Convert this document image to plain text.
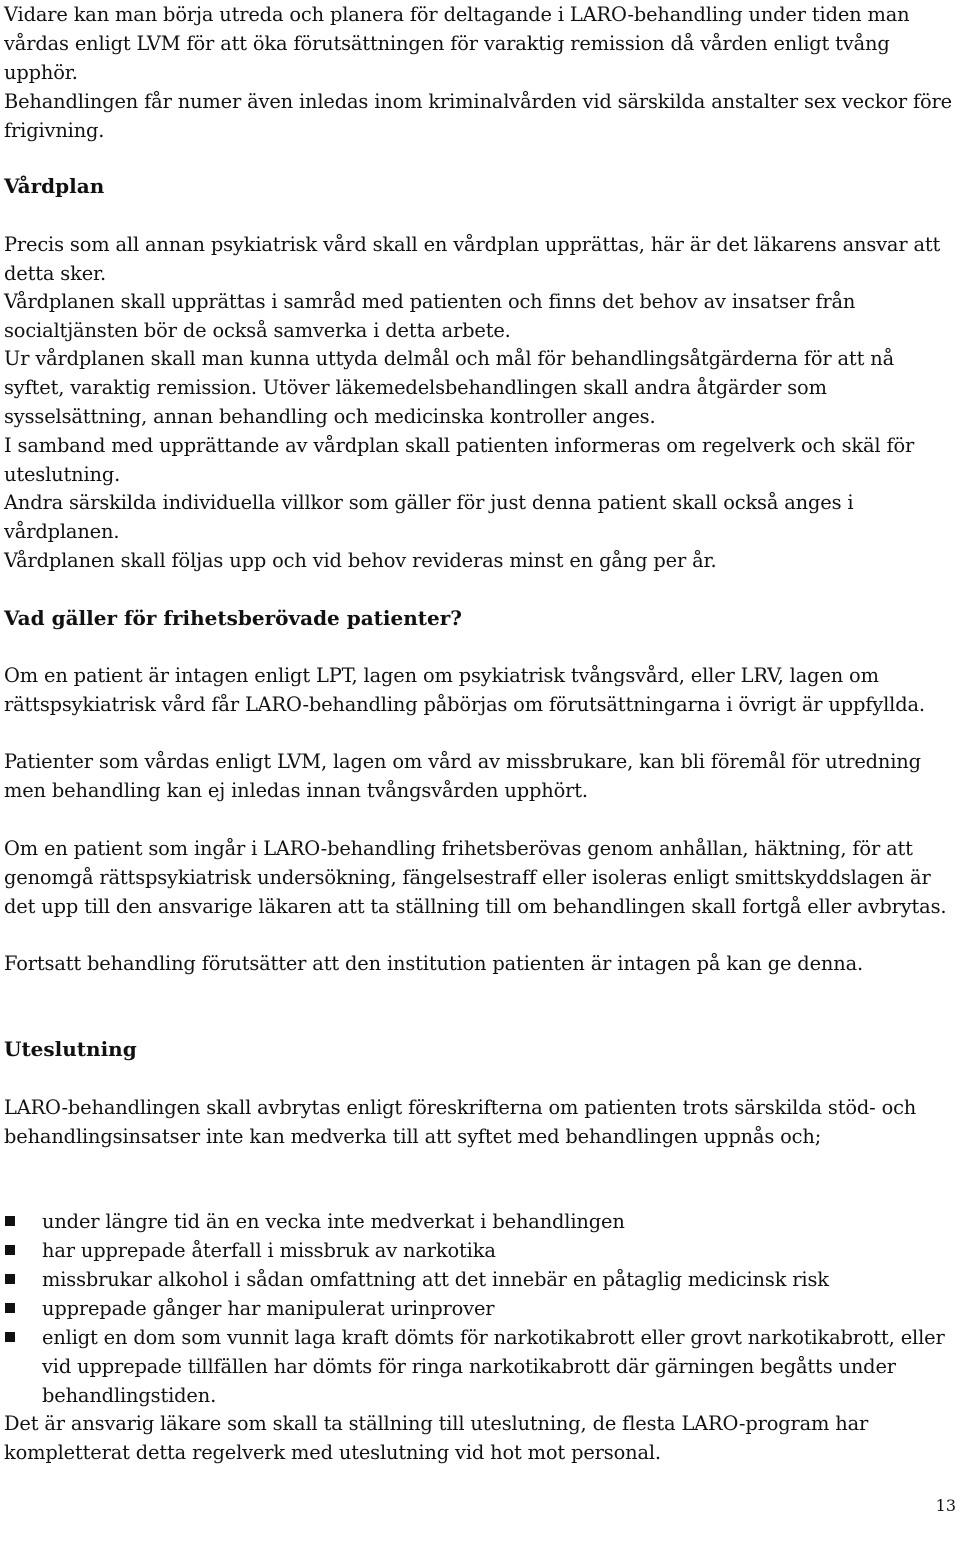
Vidare kan man börja utreda och planera för deltagande i LARO-behandling under tiden man vårdas enligt LVM för att öka förutsättningen för varaktig remission då vården enligt tvång upphör.

Behandlingen får numer även inledas inom kriminalvården vid särskilda anstalter sex veckor före frigivning.

Vårdplan

Precis som all annan psykiatrisk vård skall en vårdplan upprättas, här är det läkarens ansvar att detta sker.

Vårdplanen skall upprättas i samråd med patienten och finns det behov av insatser från socialtjänsten bör de också samverka i detta arbete.

Ur vårdplanen skall man kunna uttyda delmål och mål för behandlingsåtgärderna för att nå syftet, varaktig remission. Utöver läkemedelsbehandlingen skall andra åtgärder som sysselsättning, annan behandling och medicinska kontroller anges.

I samband med upprättande av vårdplan skall patienten informeras om regelverk och skäl för uteslutning.

Andra särskilda individuella villkor som gäller för just denna patient skall också anges i vårdplanen.

Vårdplanen skall följas upp och vid behov revideras minst en gång per år.

Vad gäller för frihetsberövade patienter?

Om en patient är intagen enligt LPT, lagen om psykiatrisk tvångsvård, eller LRV, lagen om rättspsykiatrisk vård får LARO-behandling påbörjas om förutsättningarna i övrigt är uppfyllda.

Patienter som vårdas enligt LVM, lagen om vård av missbrukare, kan bli föremål för utredning men behandling kan ej inledas innan tvångsvården upphört.

Om en patient som ingår i LARO-behandling frihetsberövas genom anhållan, häktning, för att genomgå rättspsykiatrisk undersökning, fängelsestraff eller isoleras enligt smittskyddslagen är det upp till den ansvarige läkaren att ta ställning till om behandlingen skall fortgå eller avbrytas.

Fortsatt behandling förutsätter att den institution patienten är intagen på kan ge denna.

Uteslutning

LARO-behandlingen skall avbrytas enligt föreskrifterna om patienten trots särskilda stöd- och behandlingsinsatser inte kan medverka till att syftet med behandlingen uppnås och;

under längre tid än en vecka inte medverkat i behandlingen
har upprepade återfall i missbruk av narkotika
missbrukar alkohol i sådan omfattning att det innebär en påtaglig medicinsk risk
upprepade gånger har manipulerat urinprover
enligt en dom som vunnit laga kraft dömts för narkotikabrott eller grovt narkotikabrott, eller vid upprepade tillfällen har dömts för ringa narkotikabrott där gärningen begåtts under behandlingstiden.

Det är ansvarig läkare som skall ta ställning till uteslutning, de flesta LARO-program har kompletterat detta regelverk med uteslutning vid hot mot personal.

13
